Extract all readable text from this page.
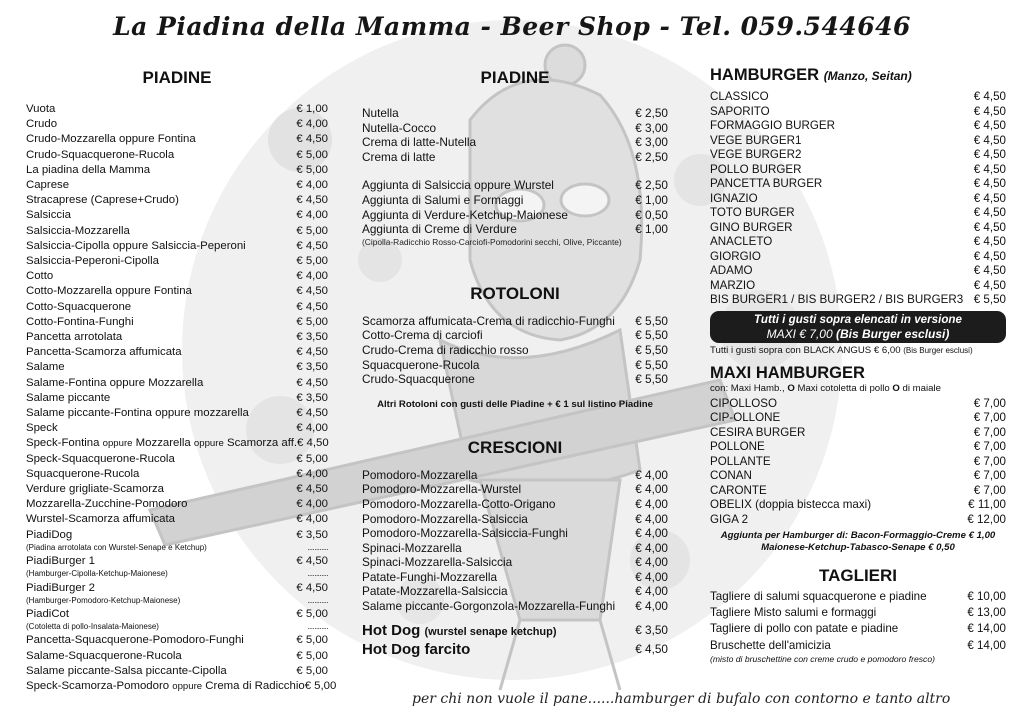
La Piadina della Mamma - Beer Shop - Tel. 059.544646
PIADINE
Vuota	€ 1,00
Crudo	€ 4,00
Crudo-Mozzarella oppure Fontina	€ 4,50
Crudo-Squacquerone-Rucola	€ 5,00
La piadina della Mamma	€ 5,00
Caprese	€ 4,00
Stracaprese (Caprese+Crudo)	€ 4,50
Salsiccia	€ 4,00
Salsiccia-Mozzarella	€ 5,00
Salsiccia-Cipolla oppure Salsiccia-Peperoni	€ 4,50
Salsiccia-Peperoni-Cipolla	€ 5,00
Cotto	€ 4,00
Cotto-Mozzarella oppure Fontina	€ 4,50
Cotto-Squacquerone	€ 4,50
Cotto-Fontina-Funghi	€ 5,00
Pancetta arrotolata	€ 3,50
Pancetta-Scamorza affumicata	€ 4,50
Salame	€ 3,50
Salame-Fontina oppure Mozzarella	€ 4,50
Salame piccante	€ 3,50
Salame piccante-Fontina oppure mozzarella	€ 4,50
Speck	€ 4,00
Speck-Fontina oppure Mozzarella oppure Scamorza aff. € 4,50
Speck-Squacquerone-Rucola	€ 5,00
Squacquerone-Rucola	€ 4,00
Verdure grigliate-Scamorza	€ 4,50
Mozzarella-Zucchine-Pomodoro	€ 4,00
Wurstel-Scamorza affumicata	€ 4,00
PiadiDog	€ 3,50
(Piadina arrotolata con Wurstel-Senape e Ketchup)	............
PiadiBurger 1	€ 4,50
(Hamburger-Cipolla-Ketchup-Maionese)	............
PiadiBurger 2	€ 4,50
(Hamburger-Pomodoro-Ketchup-Maionese)	............
PiadiCot	€ 5,00
(Cotoletta di pollo-Insalata-Maionese)	............
Pancetta-Squacquerone-Pomodoro-Funghi	€ 5,00
Salame-Squacquerone-Rucola	€ 5,00
Salame piccante-Salsa piccante-Cipolla	€ 5,00
Speck-Scamorza-Pomodoro oppure Crema di Radicchio € 5,00
PIADINE
Nutella	€ 2,50
Nutella-Cocco	€ 3,00
Crema di latte-Nutella	€ 3,00
Crema di latte	€ 2,50
Aggiunta di Salsiccia oppure Wurstel	€ 2,50
Aggiunta di Salumi e Formaggi	€ 1,00
Aggiunta di Verdure-Ketchup-Maionese	€ 0,50
Aggiunta di Creme di Verdure	€ 1,00
(Cipolla-Radicchio Rosso-Carciofi-Pomodorini secchi, Olive, Piccante)
ROTOLONI
Scamorza affumicata-Crema di radicchio-Funghi € 5,50
Cotto-Crema di carciofi	€ 5,50
Crudo-Crema di radicchio rosso	€ 5,50
Squacquerone-Rucola	€ 5,50
Crudo-Squacquerone	€ 5,50
Altri Rotoloni con gusti delle Piadine + € 1 sul listino Piadine
CRESCIONI
Pomodoro-Mozzarella	€ 4,00
Pomodoro-Mozzarella-Wurstel	€ 4,00
Pomodoro-Mozzarella-Cotto-Origano	€ 4,00
Pomodoro-Mozzarella-Salsiccia	€ 4,00
Pomodoro-Mozzarella-Salsiccia-Funghi	€ 4,00
Spinaci-Mozzarella	€ 4,00
Spinaci-Mozzarella-Salsiccia	€ 4,00
Patate-Funghi-Mozzarella	€ 4,00
Patate-Mozzarella-Salsiccia	€ 4,00
Salame piccante-Gorgonzola-Mozzarella-Funghi € 4,00
Hot Dog (wurstel senape ketchup)	€ 3,50
Hot Dog farcito	€ 4,50
HAMBURGER (Manzo, Seitan)
CLASSICO	€ 4,50
SAPORITO	€ 4,50
FORMAGGIO BURGER	€ 4,50
VEGE BURGER1	€ 4,50
VEGE BURGER2	€ 4,50
POLLO BURGER	€ 4,50
PANCETTA BURGER	€ 4,50
IGNAZIO	€ 4,50
TOTO BURGER	€ 4,50
GINO BURGER	€ 4,50
ANACLETO	€ 4,50
GIORGIO	€ 4,50
ADAMO	€ 4,50
MARZIO	€ 4,50
BIS BURGER1 / BIS BURGER2 / BIS BURGER3 € 5,50
Tutti i gusti sopra elencati in versione
MAXI € 7,00 (Bis Burger esclusi)
Tutti i gusti sopra con BLACK ANGUS € 6,00 (Bis Burger esclusi)
MAXI HAMBURGER
con: Maxi Hamb., O Maxi cotoletta di pollo O di maiale
CIPOLLOSO	€ 7,00
CIP-OLLONE	€ 7,00
CESIRA BURGER	€ 7,00
POLLONE	€ 7,00
POLLANTE	€ 7,00
CONAN	€ 7,00
CARONTE	€ 7,00
OBELIX (doppia bistecca maxi)	€ 11,00
GIGA 2	€ 12,00
Aggiunta per Hamburger di: Bacon-Formaggio-Creme € 1,00
Maionese-Ketchup-Tabasco-Senape € 0,50
TAGLIERI
Tagliere di salumi squacquerone e piadine	€ 10,00
Tagliere Misto salumi e formaggi	€ 13,00
Tagliere di pollo con patate e piadine	€ 14,00
Bruschette dell'amicizia	€ 14,00
(misto di bruschettine con creme crudo e pomodoro fresco)
per chi non vuole il pane......hamburger di bufalo con contorno e tanto altro
